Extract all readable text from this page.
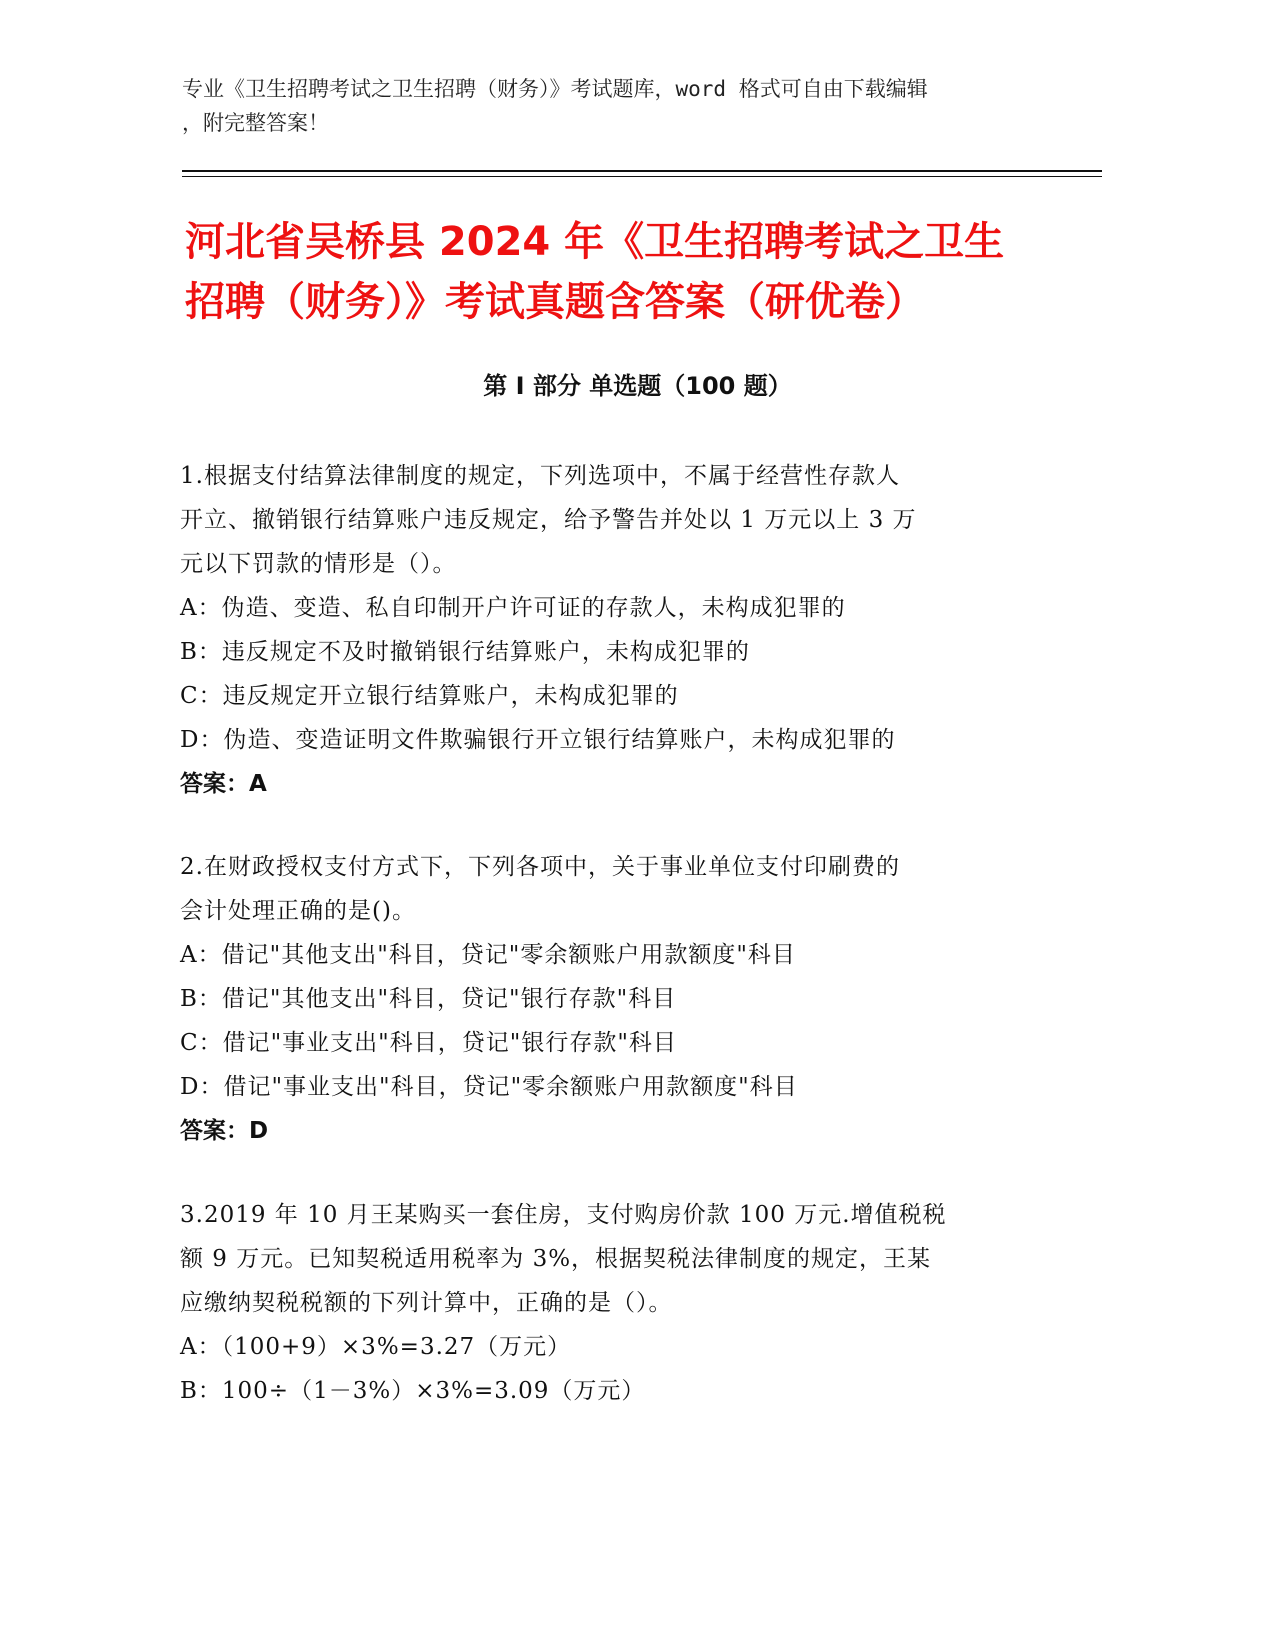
专业《卫生招聘考试之卫生招聘（财务）》考试题库，word 格式可自由下载编辑
，附完整答案！
河北省吴桥县 2024 年《卫生招聘考试之卫生
招聘（财务）》考试真题含答案（研优卷）
第 I 部分 单选题（100 题）

1.根据支付结算法律制度的规定，下列选项中，不属于经营性存款人

开立、撤销银行结算账户违反规定，给予警告并处以 1 万元以上 3 万

元以下罚款的情形是（）。

A：伪造、变造、私自印制开户许可证的存款人，未构成犯罪的

B：违反规定不及时撤销银行结算账户，未构成犯罪的

C：违反规定开立银行结算账户，未构成犯罪的

D：伪造、变造证明文件欺骗银行开立银行结算账户，未构成犯罪的

答案：A

2.在财政授权支付方式下，下列各项中，关于事业单位支付印刷费的

会计处理正确的是()。

A：借记"其他支出"科目，贷记"零余额账户用款额度"科目

B：借记"其他支出"科目，贷记"银行存款"科目

C：借记"事业支出"科目，贷记"银行存款"科目

D：借记"事业支出"科目，贷记"零余额账户用款额度"科目

答案：D

3.2019 年 10 月王某购买一套住房，支付购房价款 100 万元.增值税税

额 9 万元。已知契税适用税率为 3%，根据契税法律制度的规定，王某

应缴纳契税税额的下列计算中，正确的是（）。

A：（100+9）×3%=3.27（万元）

B：100÷（1－3%）×3%=3.09（万元）
